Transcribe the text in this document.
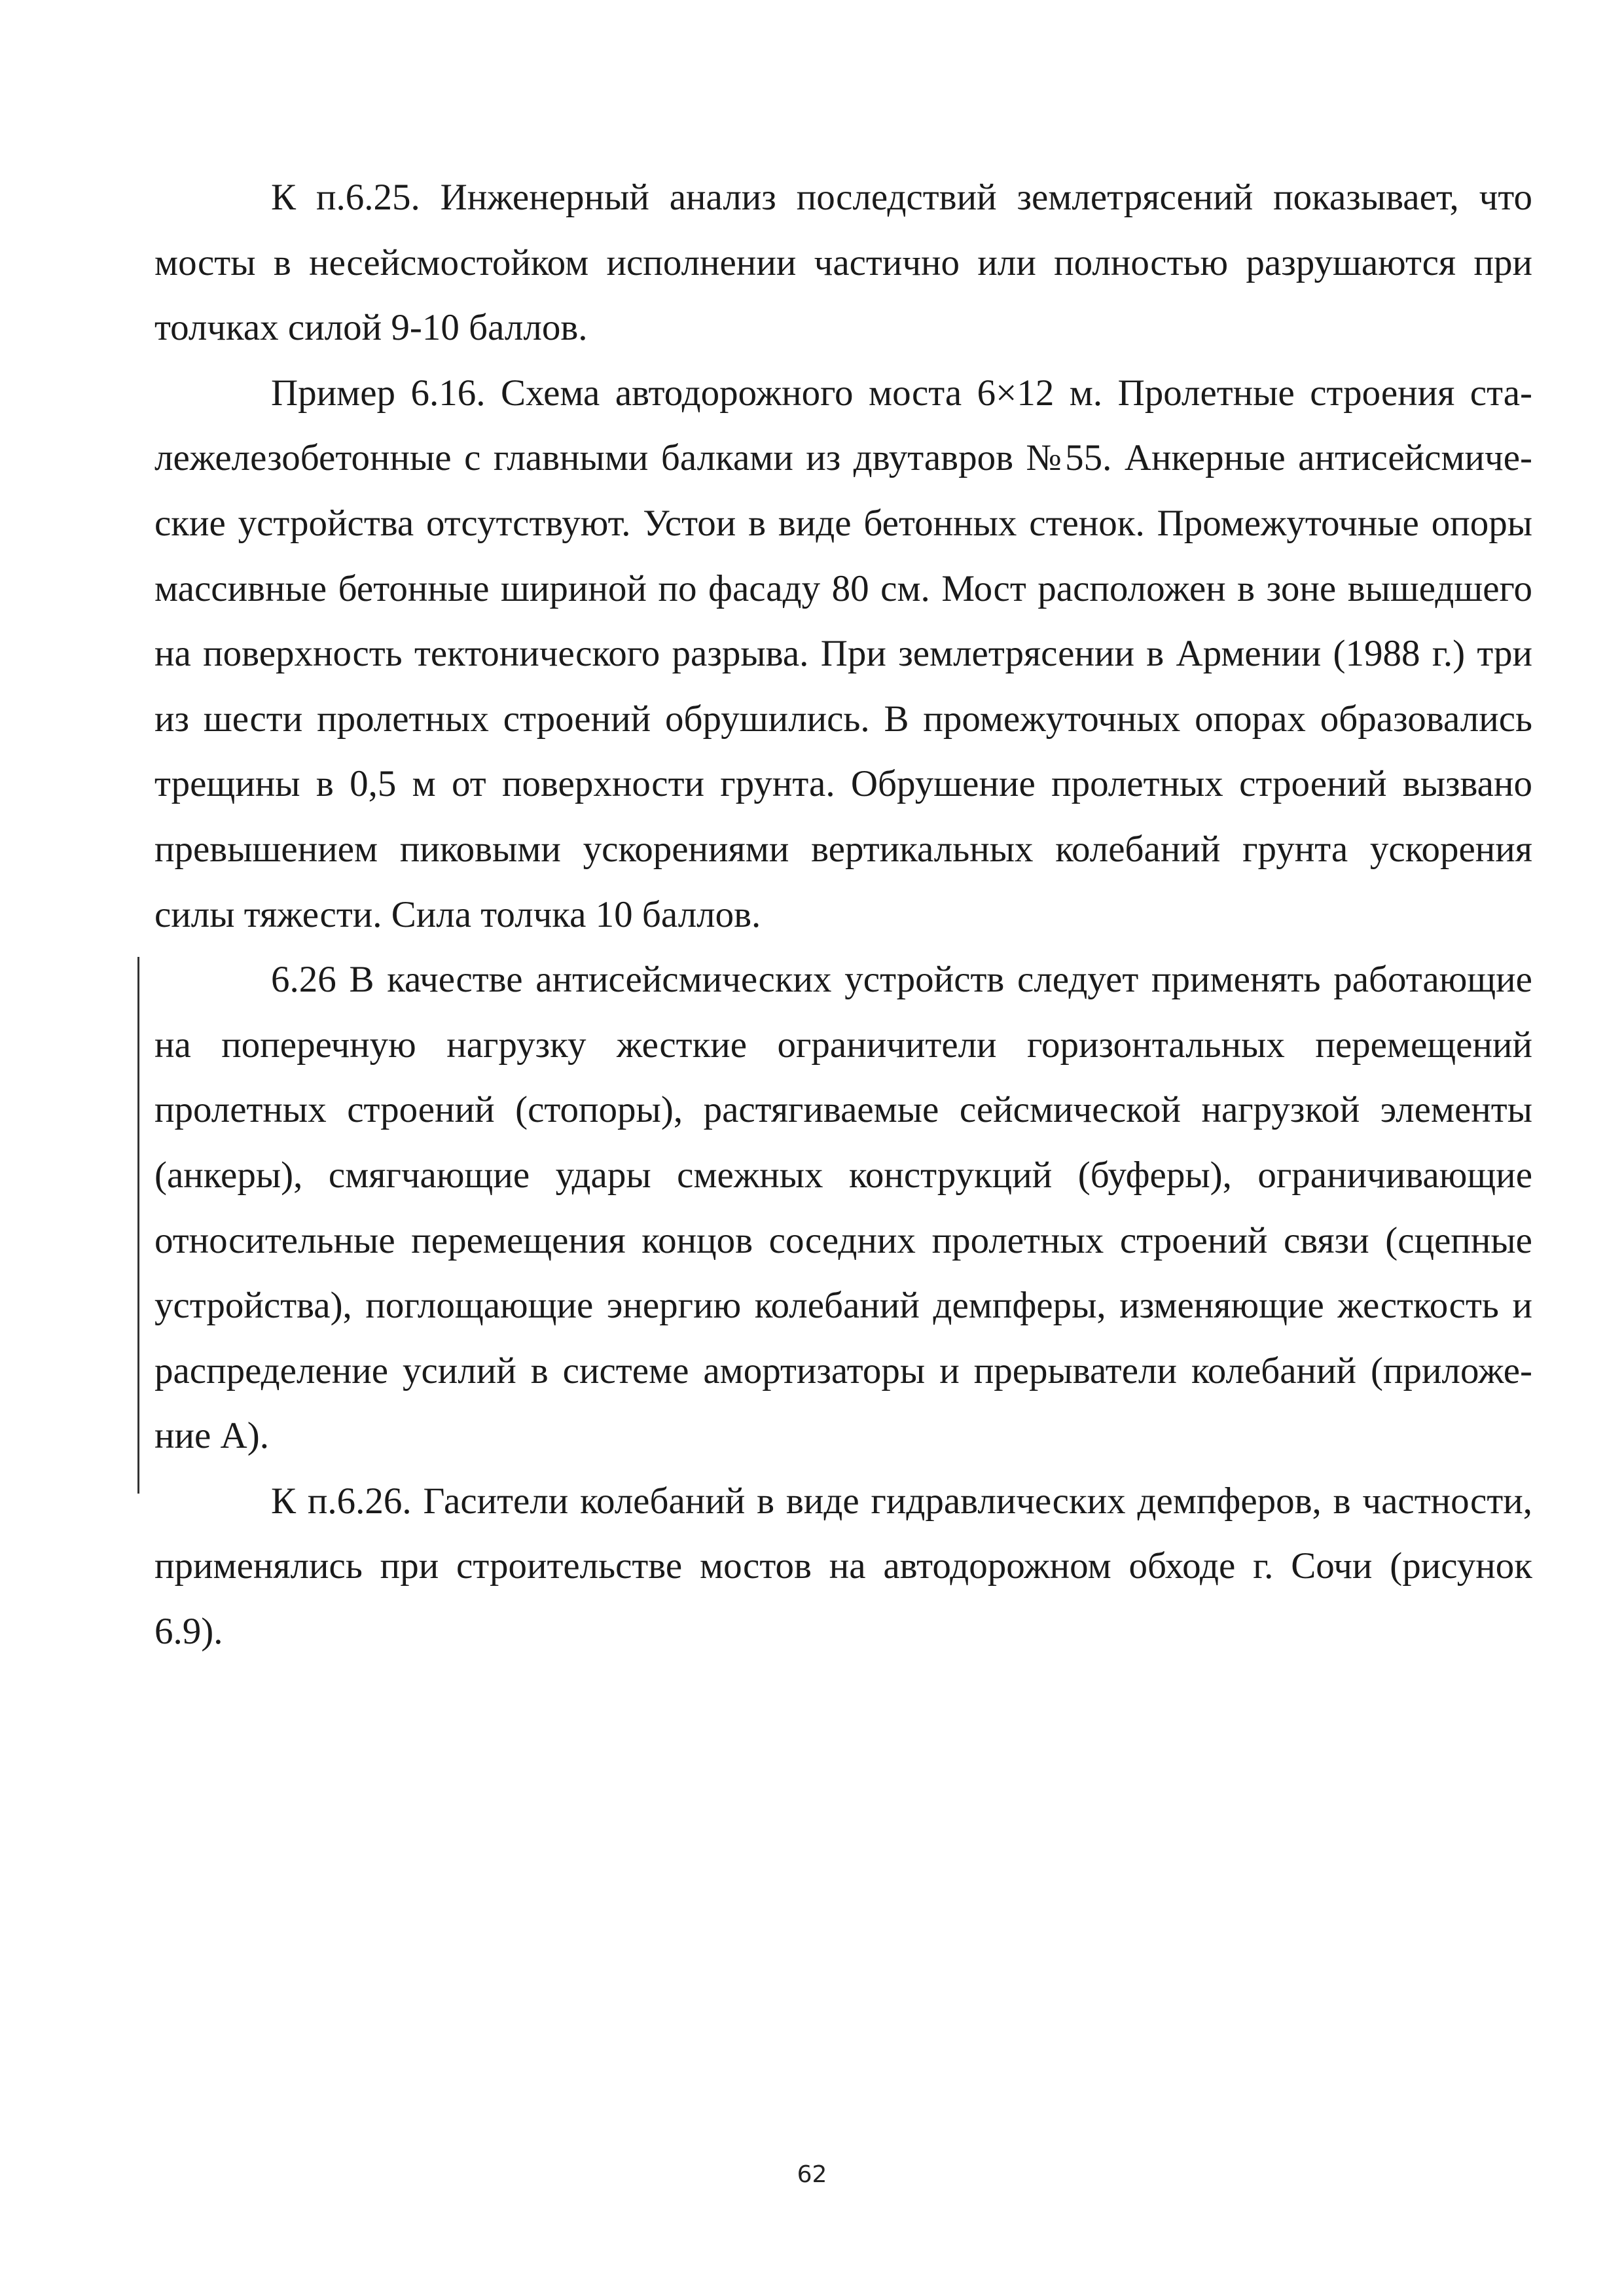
К п.6.25. Инженерный анализ последствий землетрясений показывает, что мосты в несейсмостойком исполнении частично или полностью разрушаются при толчках силой 9-10 баллов.

Пример 6.16. Схема автодорожного моста 6×12 м. Пролетные строения сталежелезобетонные с главными балками из двутавров №55. Анкерные антисейсмические устройства отсутствуют. Устои в виде бетонных стенок. Промежуточные опоры массивные бетонные шириной по фасаду 80 см. Мост расположен в зоне вышедшего на поверхность тектонического разрыва. При землетрясении в Армении (1988 г.) три из шести пролетных строений обрушились. В промежуточных опорах образовались трещины в 0,5 м от поверхности грунта. Обрушение пролетных строений вызвано превышением пиковыми ускорениями вертикальных колебаний грунта ускорения силы тяжести. Сила толчка 10 баллов.

6.26 В качестве антисейсмических устройств следует применять работающие на поперечную нагрузку жесткие ограничители горизонтальных перемещений пролетных строений (стопоры), растягиваемые сейсмической нагрузкой элементы (анкеры), смягчающие удары смежных конструкций (буферы), ограничивающие относительные перемещения концов соседних пролетных строений связи (сцепные устройства), поглощающие энергию колебаний демпферы, изменяющие жесткость и распределение усилий в системе амортизаторы и прерыватели колебаний (приложение А).

К п.6.26. Гасители колебаний в виде гидравлических демпферов, в частности, применялись при строительстве мостов на автодорожном обходе г. Сочи (рисунок 6.9).

62
